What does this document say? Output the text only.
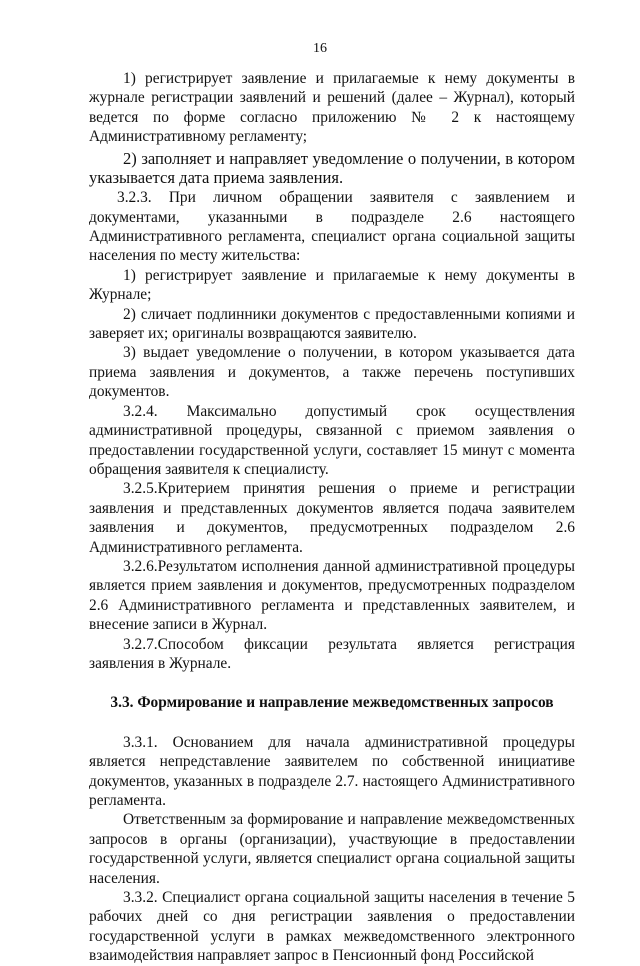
16

1) регистрирует заявление и прилагаемые к нему документы в журнале регистрации заявлений и решений (далее – Журнал), который ведется по форме согласно приложению № 2 к настоящему Административному регламенту;

2) заполняет и направляет уведомление о получении, в котором указывается дата приема заявления.

3.2.3. При личном обращении заявителя с заявлением и документами, указанными в подразделе 2.6 настоящего Административного регламента, специалист органа социальной защиты населения по месту жительства:

1) регистрирует заявление и прилагаемые к нему документы в Журнале;

2) сличает подлинники документов с предоставленными копиями и заверяет их; оригиналы возвращаются заявителю.

3) выдает уведомление о получении, в котором указывается дата приема заявления и документов, а также перечень поступивших документов.

3.2.4. Максимально допустимый срок осуществления административной процедуры, связанной с приемом заявления о предоставлении государственной услуги, составляет 15 минут с момента обращения заявителя к специалисту.

3.2.5.Критерием принятия решения о приеме и регистрации заявления и представленных документов является подача заявителем заявления и документов, предусмотренных подразделом 2.6 Административного регламента.

3.2.6.Результатом исполнения данной административной процедуры является прием заявления и документов, предусмотренных подразделом 2.6 Административного регламента и представленных заявителем, и внесение записи в Журнал.

3.2.7.Способом фиксации результата является регистрация заявления в Журнале.

3.3. Формирование и направление межведомственных запросов

3.3.1. Основанием для начала административной процедуры является непредставление заявителем по собственной инициативе документов, указанных в подразделе 2.7. настоящего Административного регламента.

Ответственным за формирование и направление межведомственных запросов в органы (организации), участвующие в предоставлении государственной услуги, является специалист органа социальной защиты населения.

3.3.2. Специалист органа социальной защиты населения в течение 5 рабочих дней со дня регистрации заявления о предоставлении государственной услуги в рамках межведомственного электронного взаимодействия направляет запрос в Пенсионный фонд Российской
